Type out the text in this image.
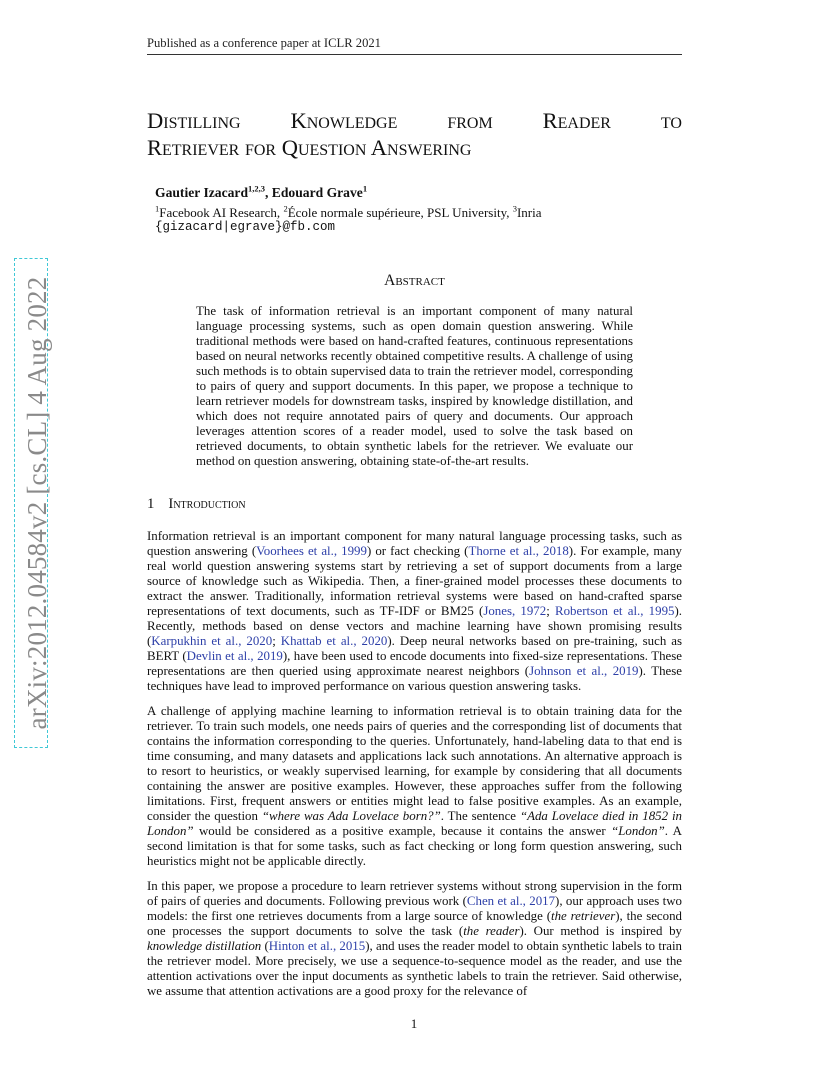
Published as a conference paper at ICLR 2021
arXiv:2012.04584v2 [cs.CL] 4 Aug 2022
Distilling Knowledge from Reader to
Retriever for Question Answering
Gautier Izacard$^{1,2,3}$, Edouard Grave$^1$
$^1$Facebook AI Research, $^2$École normale supérieure, PSL University, $^3$Inria
{gizacard|egrave}@fb.com
Abstract
The task of information retrieval is an important component of many natural language processing systems, such as open domain question answering. While traditional methods were based on hand-crafted features, continuous representations based on neural networks recently obtained competitive results. A challenge of using such methods is to obtain supervised data to train the retriever model, corresponding to pairs of query and support documents. In this paper, we propose a technique to learn retriever models for downstream tasks, inspired by knowledge distillation, and which does not require annotated pairs of query and documents. Our approach leverages attention scores of a reader model, used to solve the task based on retrieved documents, to obtain synthetic labels for the retriever. We evaluate our method on question answering, obtaining state-of-the-art results.
1 Introduction

Information retrieval is an important component for many natural language processing tasks, such as question answering (Voorhees et al., 1999) or fact checking (Thorne et al., 2018). For example, many real world question answering systems start by retrieving a set of support documents from a large source of knowledge such as Wikipedia. Then, a finer-grained model processes these documents to extract the answer. Traditionally, information retrieval systems were based on hand-crafted sparse representations of text documents, such as TF-IDF or BM25 (Jones, 1972; Robertson et al., 1995). Recently, methods based on dense vectors and machine learning have shown promising results (Karpukhin et al., 2020; Khattab et al., 2020). Deep neural networks based on pre-training, such as BERT (Devlin et al., 2019), have been used to encode documents into fixed-size representations. These representations are then queried using approximate nearest neighbors (Johnson et al., 2019). These techniques have lead to improved performance on various question answering tasks.

A challenge of applying machine learning to information retrieval is to obtain training data for the retriever. To train such models, one needs pairs of queries and the corresponding list of documents that contains the information corresponding to the queries. Unfortunately, hand-labeling data to that end is time consuming, and many datasets and applications lack such annotations. An alternative approach is to resort to heuristics, or weakly supervised learning, for example by considering that all documents containing the answer are positive examples. However, these approaches suffer from the following limitations. First, frequent answers or entities might lead to false positive examples. As an example, consider the question “where was Ada Lovelace born?”. The sentence “Ada Lovelace died in 1852 in London” would be considered as a positive example, because it contains the answer “London”. A second limitation is that for some tasks, such as fact checking or long form question answering, such heuristics might not be applicable directly.

In this paper, we propose a procedure to learn retriever systems without strong supervision in the form of pairs of queries and documents. Following previous work (Chen et al., 2017), our approach uses two models: the first one retrieves documents from a large source of knowledge (the retriever), the second one processes the support documents to solve the task (the reader). Our method is inspired by knowledge distillation (Hinton et al., 2015), and uses the reader model to obtain synthetic labels to train the retriever model. More precisely, we use a sequence-to-sequence model as the reader, and use the attention activations over the input documents as synthetic labels to train the retriever. Said otherwise, we assume that attention activations are a good proxy for the relevance of

1
